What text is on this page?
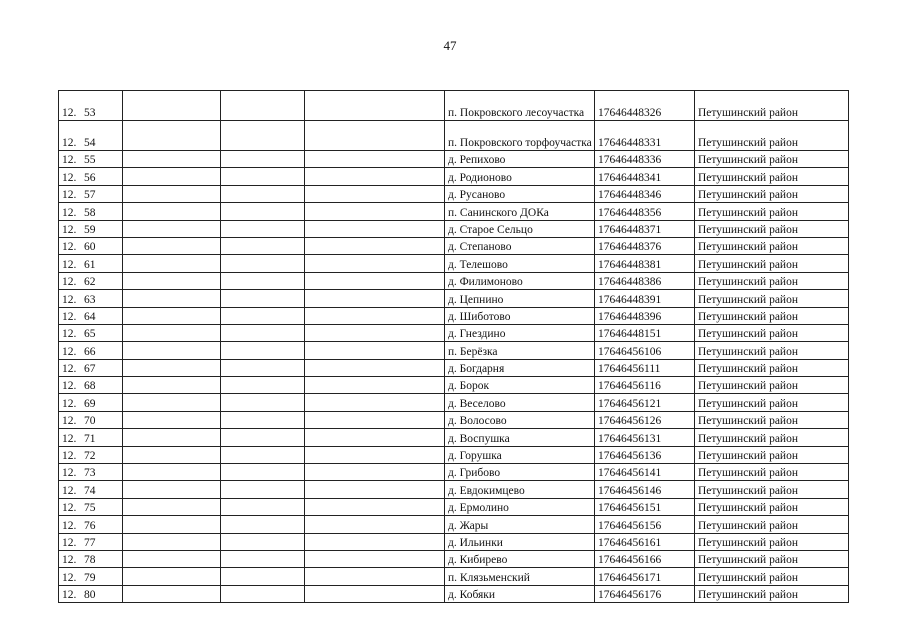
47
12. 53				п. Покровского лесоучастка	17646448326	Петушинский район
12. 54				п. Покровского торфоучастка	17646448331	Петушинский район
12. 55				д. Репихово	17646448336	Петушинский район
12. 56				д. Родионово	17646448341	Петушинский район
12. 57				д. Русаново	17646448346	Петушинский район
12. 58				п. Санинского ДОКа	17646448356	Петушинский район
12. 59				д. Старое Сельцо	17646448371	Петушинский район
12. 60				д. Степаново	17646448376	Петушинский район
12. 61				д. Телешово	17646448381	Петушинский район
12. 62				д. Филимоново	17646448386	Петушинский район
12. 63				д. Цепнино	17646448391	Петушинский район
12. 64				д. Шиботово	17646448396	Петушинский район
12. 65				д. Гнездино	17646448151	Петушинский район
12. 66				п. Берёзка	17646456106	Петушинский район
12. 67				д. Богдарня	17646456111	Петушинский район
12. 68				д. Борок	17646456116	Петушинский район
12. 69				д. Веселово	17646456121	Петушинский район
12. 70				д. Волосово	17646456126	Петушинский район
12. 71				д. Воспушка	17646456131	Петушинский район
12. 72				д. Горушка	17646456136	Петушинский район
12. 73				д. Грибово	17646456141	Петушинский район
12. 74				д. Евдокимцево	17646456146	Петушинский район
12. 75				д. Ермолино	17646456151	Петушинский район
12. 76				д. Жары	17646456156	Петушинский район
12. 77				д. Ильинки	17646456161	Петушинский район
12. 78				д. Кибирево	17646456166	Петушинский район
12. 79				п. Клязьменский	17646456171	Петушинский район
12. 80				д. Кобяки	17646456176	Петушинский район
